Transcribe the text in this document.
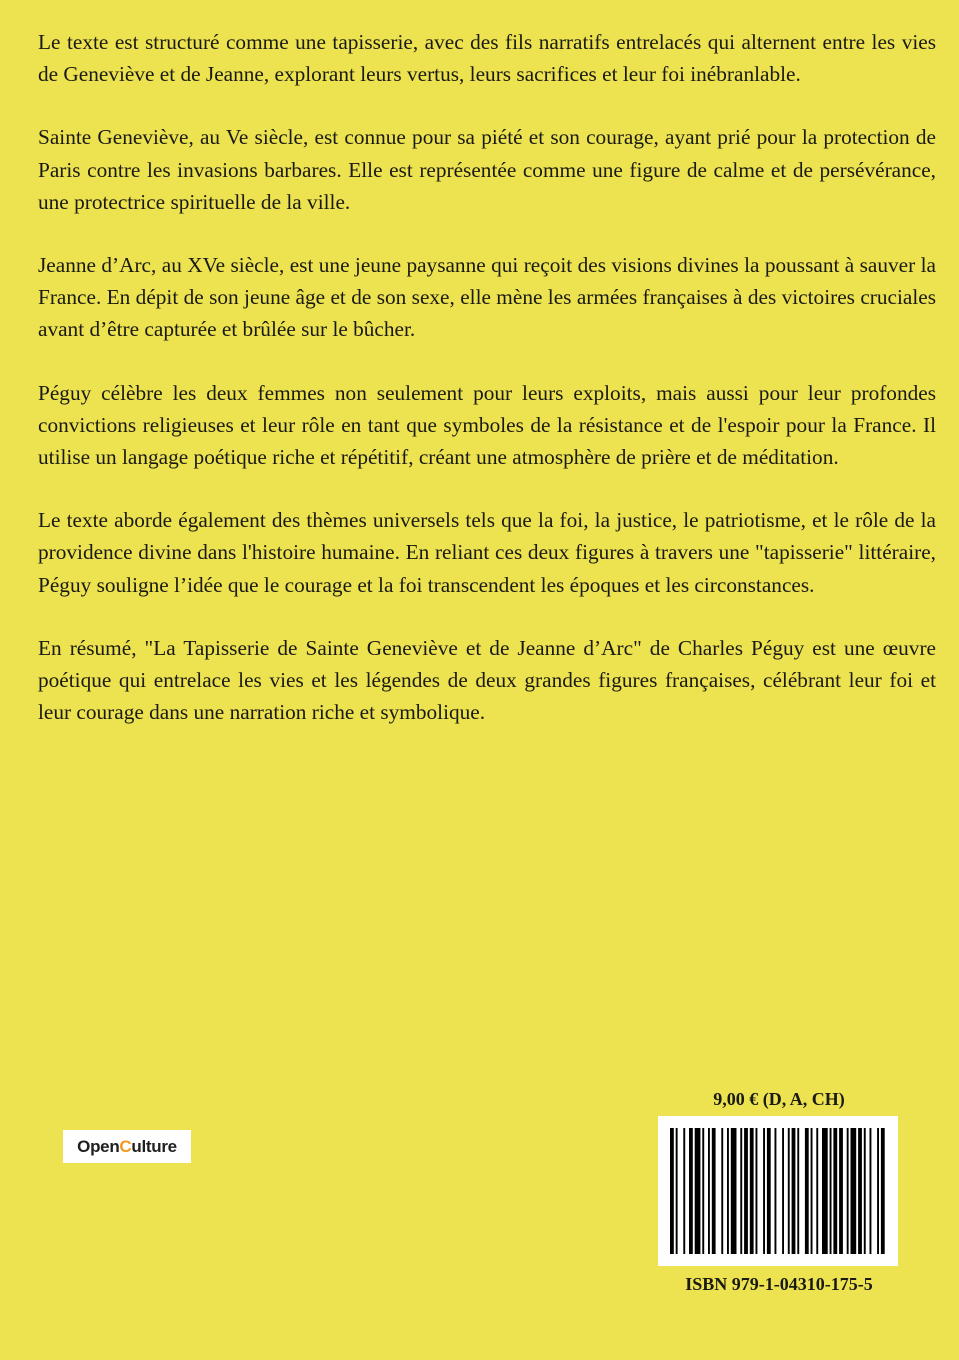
Le texte est structuré comme une tapisserie, avec des fils narratifs entrelacés qui alternent entre les vies de Geneviève et de Jeanne, explorant leurs vertus, leurs sacrifices et leur foi inébranlable.

Sainte Geneviève, au Ve siècle, est connue pour sa piété et son courage, ayant prié pour la protection de Paris contre les invasions barbares. Elle est représentée comme une figure de calme et de persévérance, une protectrice spirituelle de la ville.

Jeanne d’Arc, au XVe siècle, est une jeune paysanne qui reçoit des visions divines la poussant à sauver la France. En dépit de son jeune âge et de son sexe, elle mène les armées françaises à des victoires cruciales avant d’être capturée et brûlée sur le bûcher.

Péguy célèbre les deux femmes non seulement pour leurs exploits, mais aussi pour leur profondes convictions religieuses et leur rôle en tant que symboles de la résistance et de l'espoir pour la France. Il utilise un langage poétique riche et répétitif, créant une atmosphère de prière et de méditation.

Le texte aborde également des thèmes universels tels que la foi, la justice, le patriotisme, et le rôle de la providence divine dans l'histoire humaine. En reliant ces deux figures à travers une "tapisserie" littéraire, Péguy souligne l’idée que le courage et la foi transcendent les époques et les circonstances.

En résumé, "La Tapisserie de Sainte Geneviève et de Jeanne d’Arc" de Charles Péguy est une œuvre poétique qui entrelace les vies et les légendes de deux grandes figures françaises, célébrant leur foi et leur courage dans une narration riche et symbolique.

Open C ulture
9,00 € (D, A, CH)
ISBN 979-1-04310-175-5
